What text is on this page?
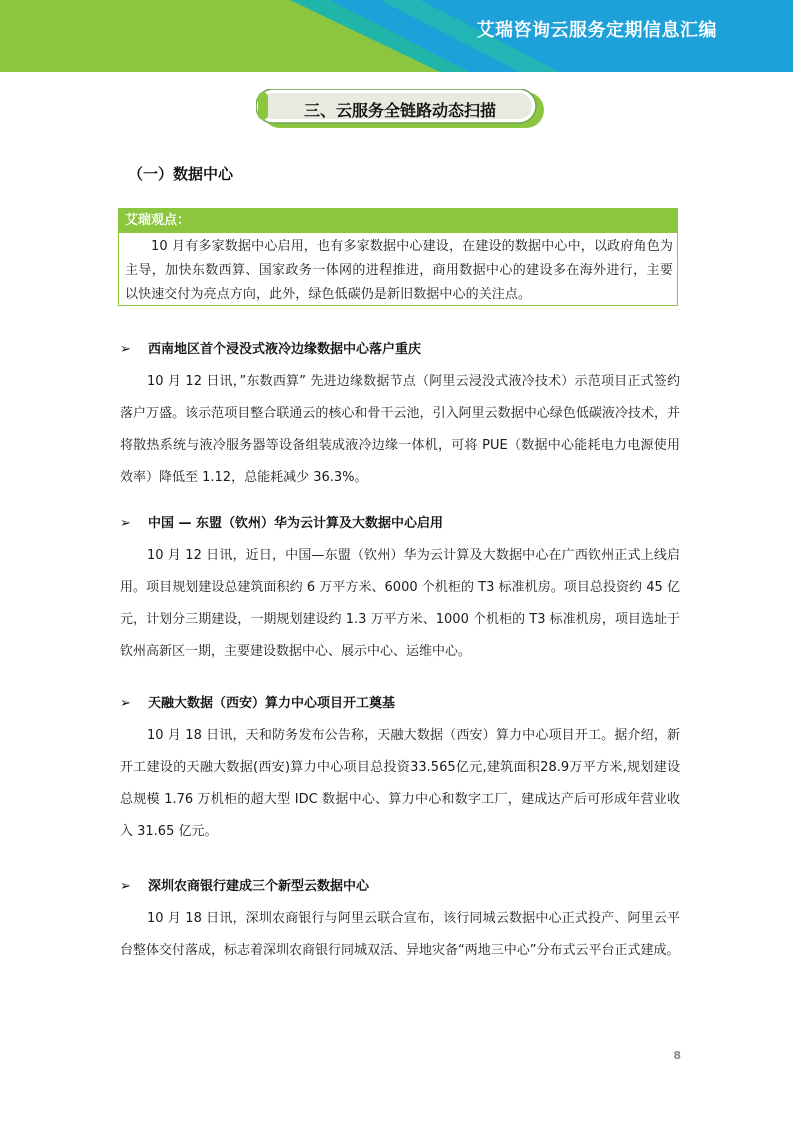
艾瑞咨询云服务定期信息汇编
三、云服务全链路动态扫描
（一）数据中心
艾瑞观点：
10 月有多家数据中心启用，也有多家数据中心建设，在建设的数据中心中，以政府角色为主导，加快东数西算、国家政务一体网的进程推进，商用数据中心的建设多在海外进行，主要以快速交付为亮点方向，此外，绿色低碳仍是新旧数据中心的关注点。
➢ 西南地区首个浸没式液冷边缘数据中心落户重庆
10 月 12 日讯，”东数西算” 先进边缘数据节点（阿里云浸没式液冷技术）示范项目正式签约落户万盛。该示范项目整合联通云的核心和骨干云池，引入阿里云数据中心绿色低碳液冷技术，并将散热系统与液冷服务器等设备组装成液冷边缘一体机，可将 PUE（数据中心能耗电力电源使用效率）降低至 1.12，总能耗减少 36.3%。
➢ 中国 — 东盟（钦州）华为云计算及大数据中心启用
10 月 12 日讯，近日，中国—东盟（钦州）华为云计算及大数据中心在广西钦州正式上线启用。项目规划建设总建筑面积约 6 万平方米、6000 个机柜的 T3 标准机房。项目总投资约 45 亿元，计划分三期建设，一期规划建设约 1.3 万平方米、1000 个机柜的 T3 标准机房，项目选址于钦州高新区一期，主要建设数据中心、展示中心、运维中心。
➢ 天融大数据（西安）算力中心项目开工奠基
10 月 18 日讯，天和防务发布公告称，天融大数据（西安）算力中心项目开工。据介绍，新开工建设的天融大数据(西安)算力中心项目总投资33.565亿元,建筑面积28.9万平方米,规划建设总规模 1.76 万机柜的超大型 IDC 数据中心、算力中心和数字工厂，建成达产后可形成年营业收入 31.65 亿元。
➢ 深圳农商银行建成三个新型云数据中心
10 月 18 日讯，深圳农商银行与阿里云联合宣布，该行同城云数据中心正式投产、阿里云平台整体交付落成，标志着深圳农商银行同城双活、异地灾备“两地三中心”分布式云平台正式建成。
8
